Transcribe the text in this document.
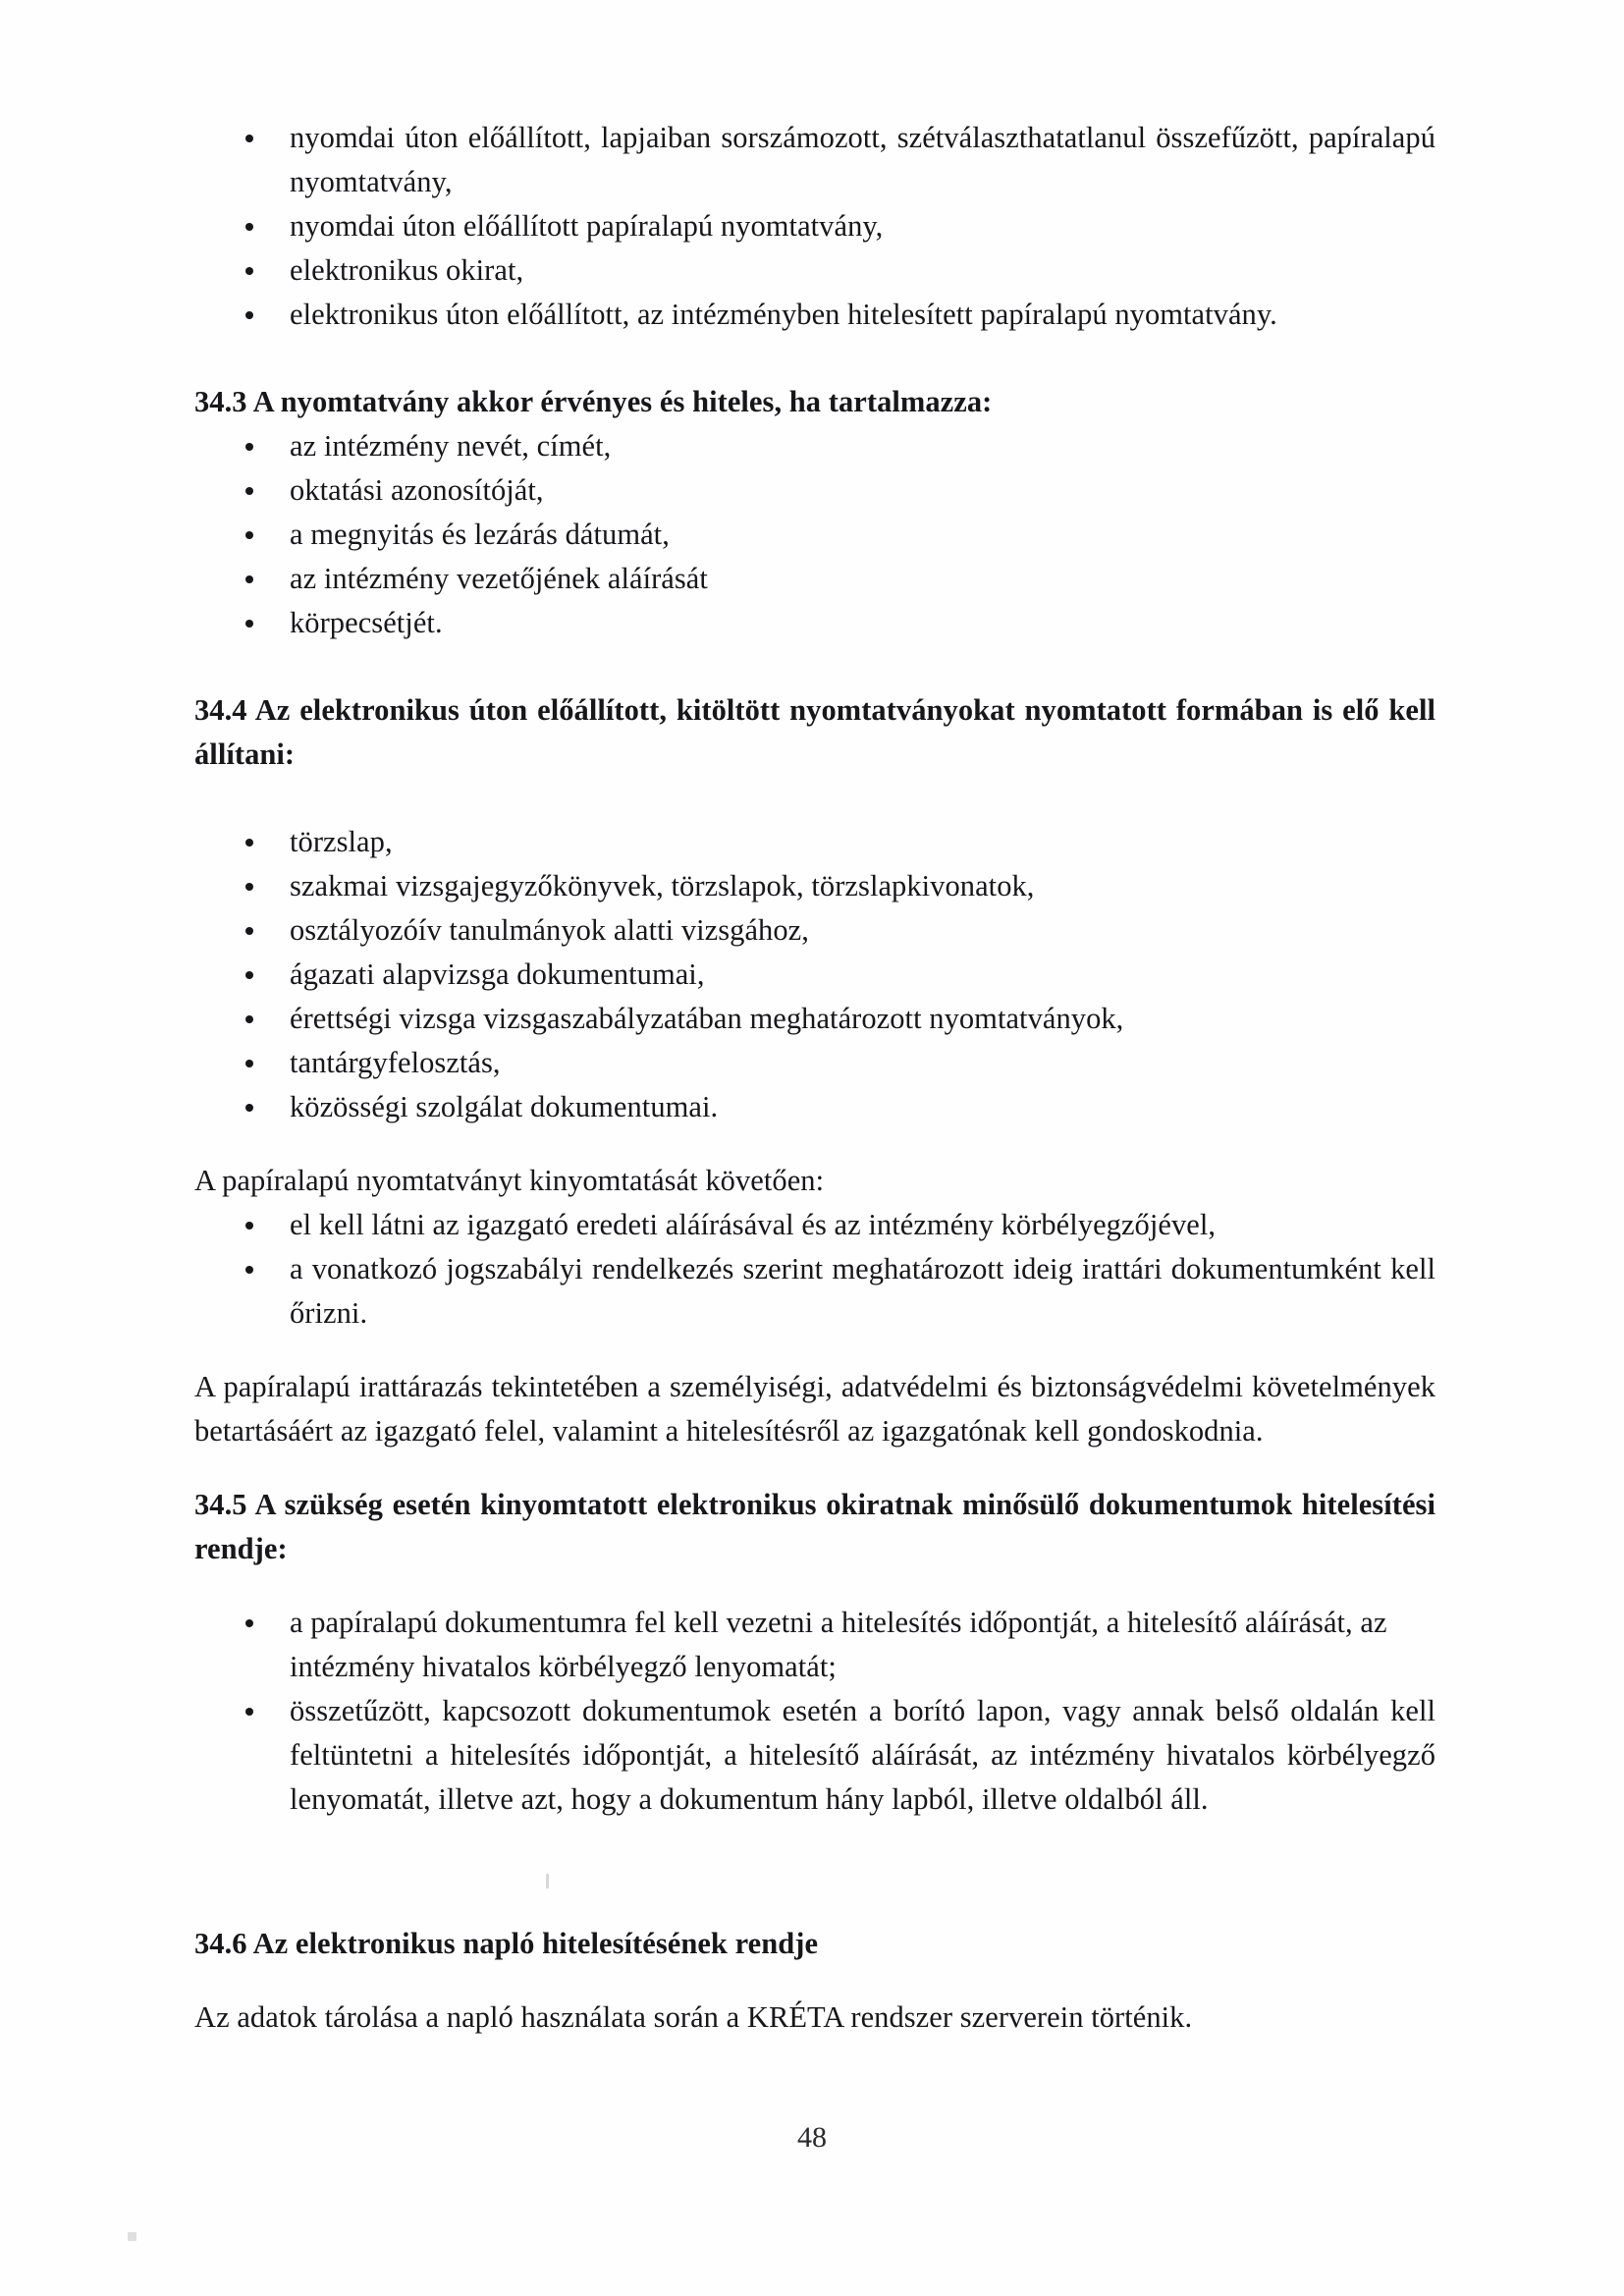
nyomdai úton előállított, lapjaiban sorszámozott, szétválaszthatatlanul összefűzött, papíralapú nyomtatvány,
nyomdai úton előállított papíralapú nyomtatvány,
elektronikus okirat,
elektronikus úton előállított, az intézményben hitelesített papíralapú nyomtatvány.

34.3 A nyomtatvány akkor érvényes és hiteles, ha tartalmazza:

az intézmény nevét, címét,
oktatási azonosítóját,
a megnyitás és lezárás dátumát,
az intézmény vezetőjének aláírását
körpecsétjét.

34.4 Az elektronikus úton előállított, kitöltött nyomtatványokat nyomtatott formában is elő kell állítani:

törzslap,
szakmai vizsgajegyzőkönyvek, törzslapok, törzslapkivonatok,
osztályozóív tanulmányok alatti vizsgához,
ágazati alapvizsga dokumentumai,
érettségi vizsga vizsgaszabályzatában meghatározott nyomtatványok,
tantárgyfelosztás,
közösségi szolgálat dokumentumai.

A papíralapú nyomtatványt kinyomtatását követően:

el kell látni az igazgató eredeti aláírásával és az intézmény körbélyegzőjével,
a vonatkozó jogszabályi rendelkezés szerint meghatározott ideig irattári dokumentumként kell őrizni.

A papíralapú irattárazás tekintetében a személyiségi, adatvédelmi és biztonságvédelmi követelmények betartásáért az igazgató felel, valamint a hitelesítésről az igazgatónak kell gondoskodnia.

34.5 A szükség esetén kinyomtatott elektronikus okiratnak minősülő dokumentumok hitelesítési rendje:

a papíralapú dokumentumra fel kell vezetni a hitelesítés időpontját, a hitelesítő aláírását, az intézmény hivatalos körbélyegző lenyomatát;
összetűzött, kapcsozott dokumentumok esetén a borító lapon, vagy annak belső oldalán kell feltüntetni a hitelesítés időpontját, a hitelesítő aláírását, az intézmény hivatalos körbélyegző lenyomatát, illetve azt, hogy a dokumentum hány lapból, illetve oldalból áll.

34.6 Az elektronikus napló hitelesítésének rendje

Az adatok tárolása a napló használata során a KRÉTA rendszer szerverein történik.

48
